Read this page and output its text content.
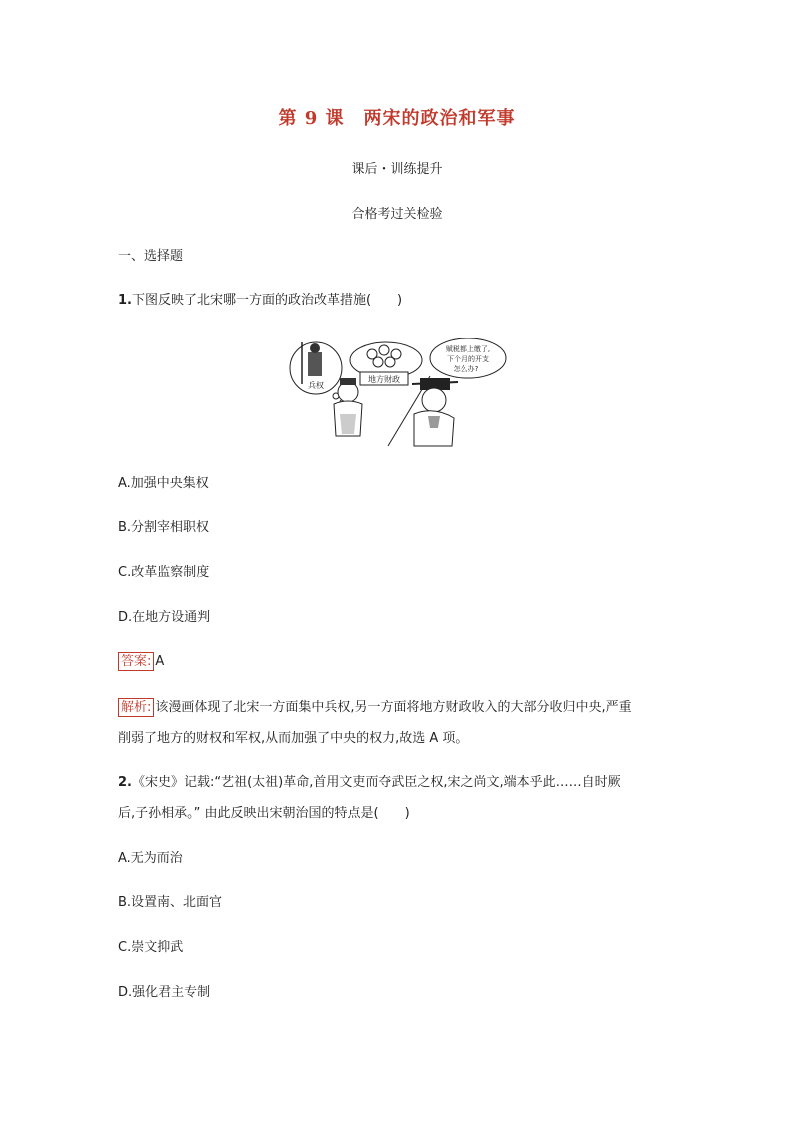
第 9 课　两宋的政治和军事
课后・训练提升
合格考过关检验
一、选择题
1.下图反映了北宋哪一方面的政治改革措施(　　)
兵权
地方财政
赋税都上缴了,
下个月的开支
怎么办?
A.加强中央集权
B.分割宰相职权
C.改革监察制度
D.在地方设通判
答案: A
解析: 该漫画体现了北宋一方面集中兵权,另一方面将地方财政收入的大部分收归中央,严重
削弱了地方的财权和军权,从而加强了中央的权力,故选 A 项。
2.《宋史》记载:“艺祖(太祖)革命,首用文吏而夺武臣之权,宋之尚文,端本乎此……自时厥
后,子孙相承。” 由此反映出宋朝治国的特点是(　　)
A.无为而治
B.设置南、北面官
C.崇文抑武
D.强化君主专制
